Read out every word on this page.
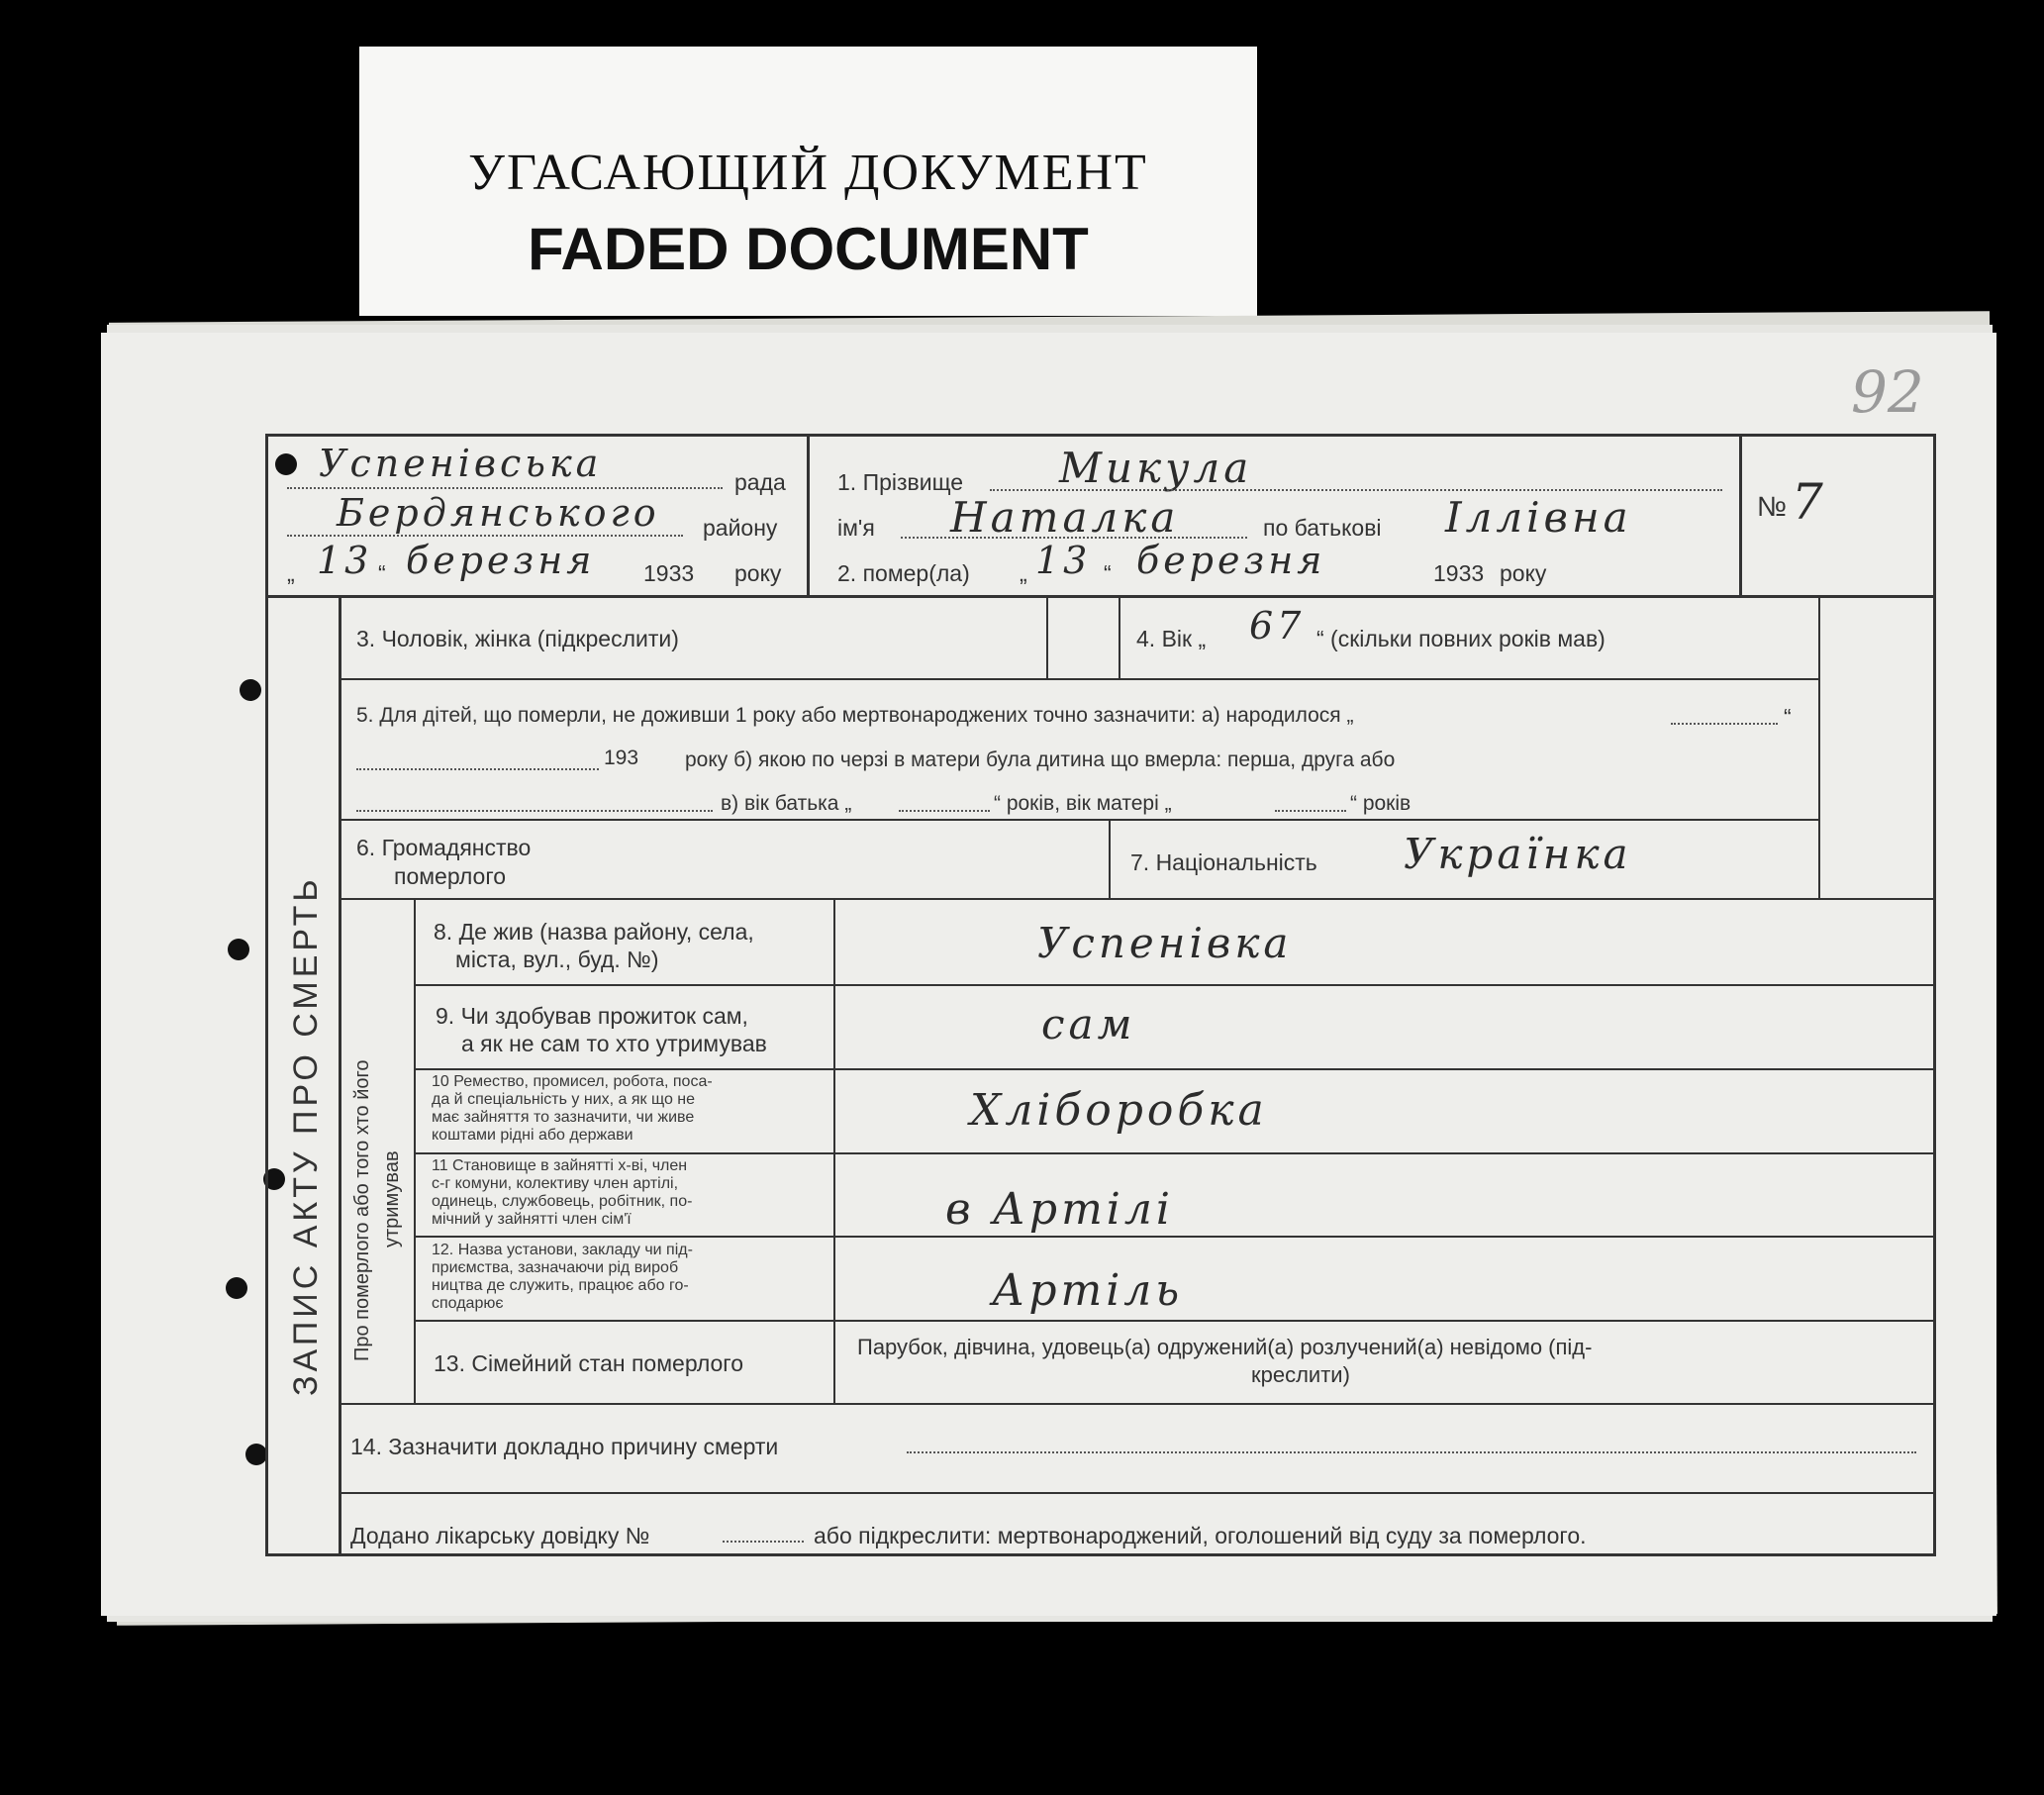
УГАСАЮЩИЙ ДОКУМЕНТ
FADED DOCUMENT
92
ЗАПИС АКТУ ПРО СМЕРТЬ Про померлого або того хто його утримував
Успенівська	рада
Бердянського району
„ 13 “ березня 1933 року
1. Прізвище Микула
ім'я Наталка	по батькові Іллівна
2. помер(ла) „ 13 “ березня	1933 року
№ 7
3. Чоловік, жінка (підкреслити)	4. Вік „ 67 “ (скільки повних років мав)
5. Для дітей, що померли, не доживши 1 року або мертвонароджених точно зазначити: а) народилося „	“
193 року б) якою по черзі в матери була дитина що вмерла: перша, друга або
в) вік батька „	“ років, вік матері „	“ років
6. Громадянство
померлого
7. Національність Українка
8. Де жив (назва району, села,
міста, вул., буд. №)	Успенівка
9. Чи здобував прожиток сам,
а як не сам то хто утримував	сам
10 Ремество, промисел, робота, поса-
да й спеціальність у них, а як що не
має зайняття то зазначити, чи живе
коштами рідні або держави	Хліборобка
11 Становище в зайнятті х-ві, член
с-г комуни, колективу член артілі,
одинець, службовець, робітник, по-
мічний у зайнятті член сім'ї	в Артілі
12. Назва установи, закладу чи під-
приємства, зазначаючи рід вироб
ництва де служить, працює або го-
сподарює	Артіль
13. Сімейний стан померлого
Парубок, дівчина, удовець(а) одружений(а) розлучений(а) невідомо (під-
креслити)
14. Зазначити докладно причину смерти
Додано лікарську довідку №	або підкреслити: мертвонароджений, оголошений від суду за померлого.
